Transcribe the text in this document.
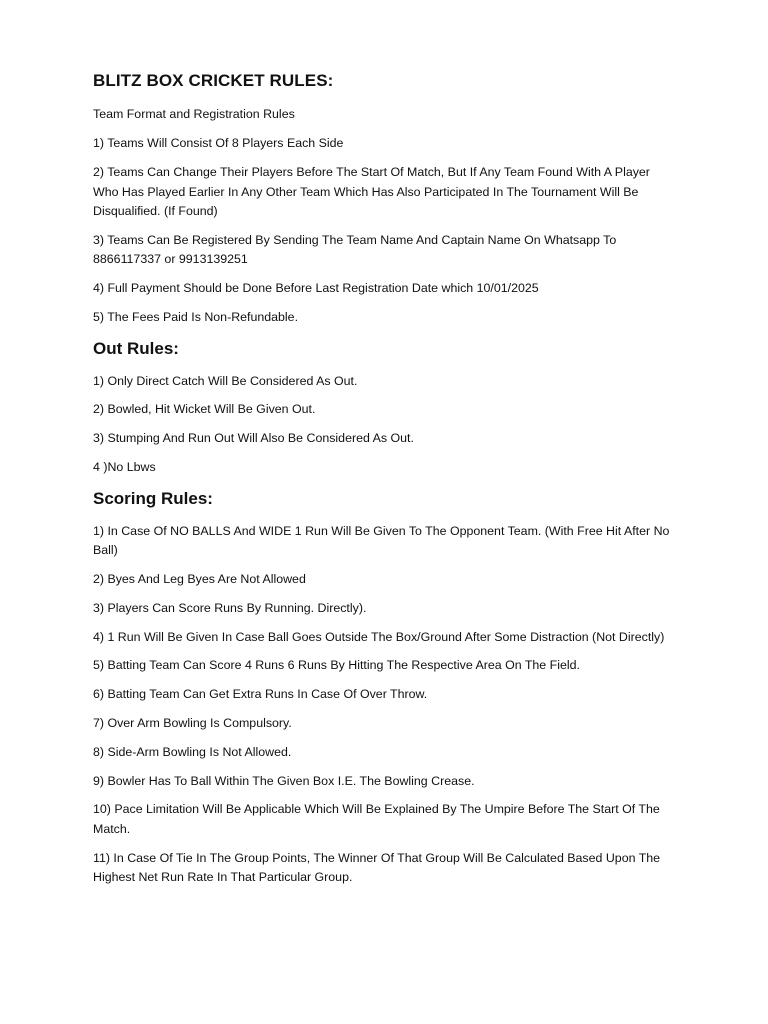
BLITZ BOX CRICKET RULES:

Team Format and Registration Rules

1) Teams Will Consist Of 8 Players Each Side

2) Teams Can Change Their Players Before The Start Of Match, But If Any Team Found With A Player Who Has Played Earlier In Any Other Team Which Has Also Participated In The Tournament Will Be Disqualified. (If Found)

3) Teams Can Be Registered By Sending The Team Name And Captain Name On Whatsapp To 8866117337 or 9913139251

4) Full Payment Should be Done Before Last Registration Date which 10/01/2025

5) The Fees Paid Is Non-Refundable.

Out Rules:

1) Only Direct Catch Will Be Considered As Out.

2) Bowled, Hit Wicket Will Be Given Out.

3) Stumping And Run Out Will Also Be Considered As Out.

4 )No Lbws

Scoring Rules:

1) In Case Of NO BALLS And WIDE 1 Run Will Be Given To The Opponent Team. (With Free Hit After No Ball)

2) Byes And Leg Byes Are Not Allowed

3) Players Can Score Runs By Running. Directly).

4) 1 Run Will Be Given In Case Ball Goes Outside The Box/Ground After Some Distraction (Not Directly)

5) Batting Team Can Score 4 Runs 6 Runs By Hitting The Respective Area On The Field.

6) Batting Team Can Get Extra Runs In Case Of Over Throw.

7) Over Arm Bowling Is Compulsory.

8) Side-Arm Bowling Is Not Allowed.

9) Bowler Has To Ball Within The Given Box I.E. The Bowling Crease.

10) Pace Limitation Will Be Applicable Which Will Be Explained By The Umpire Before The Start Of The Match.

11) In Case Of Tie In The Group Points, The Winner Of That Group Will Be Calculated Based Upon The Highest Net Run Rate In That Particular Group.
